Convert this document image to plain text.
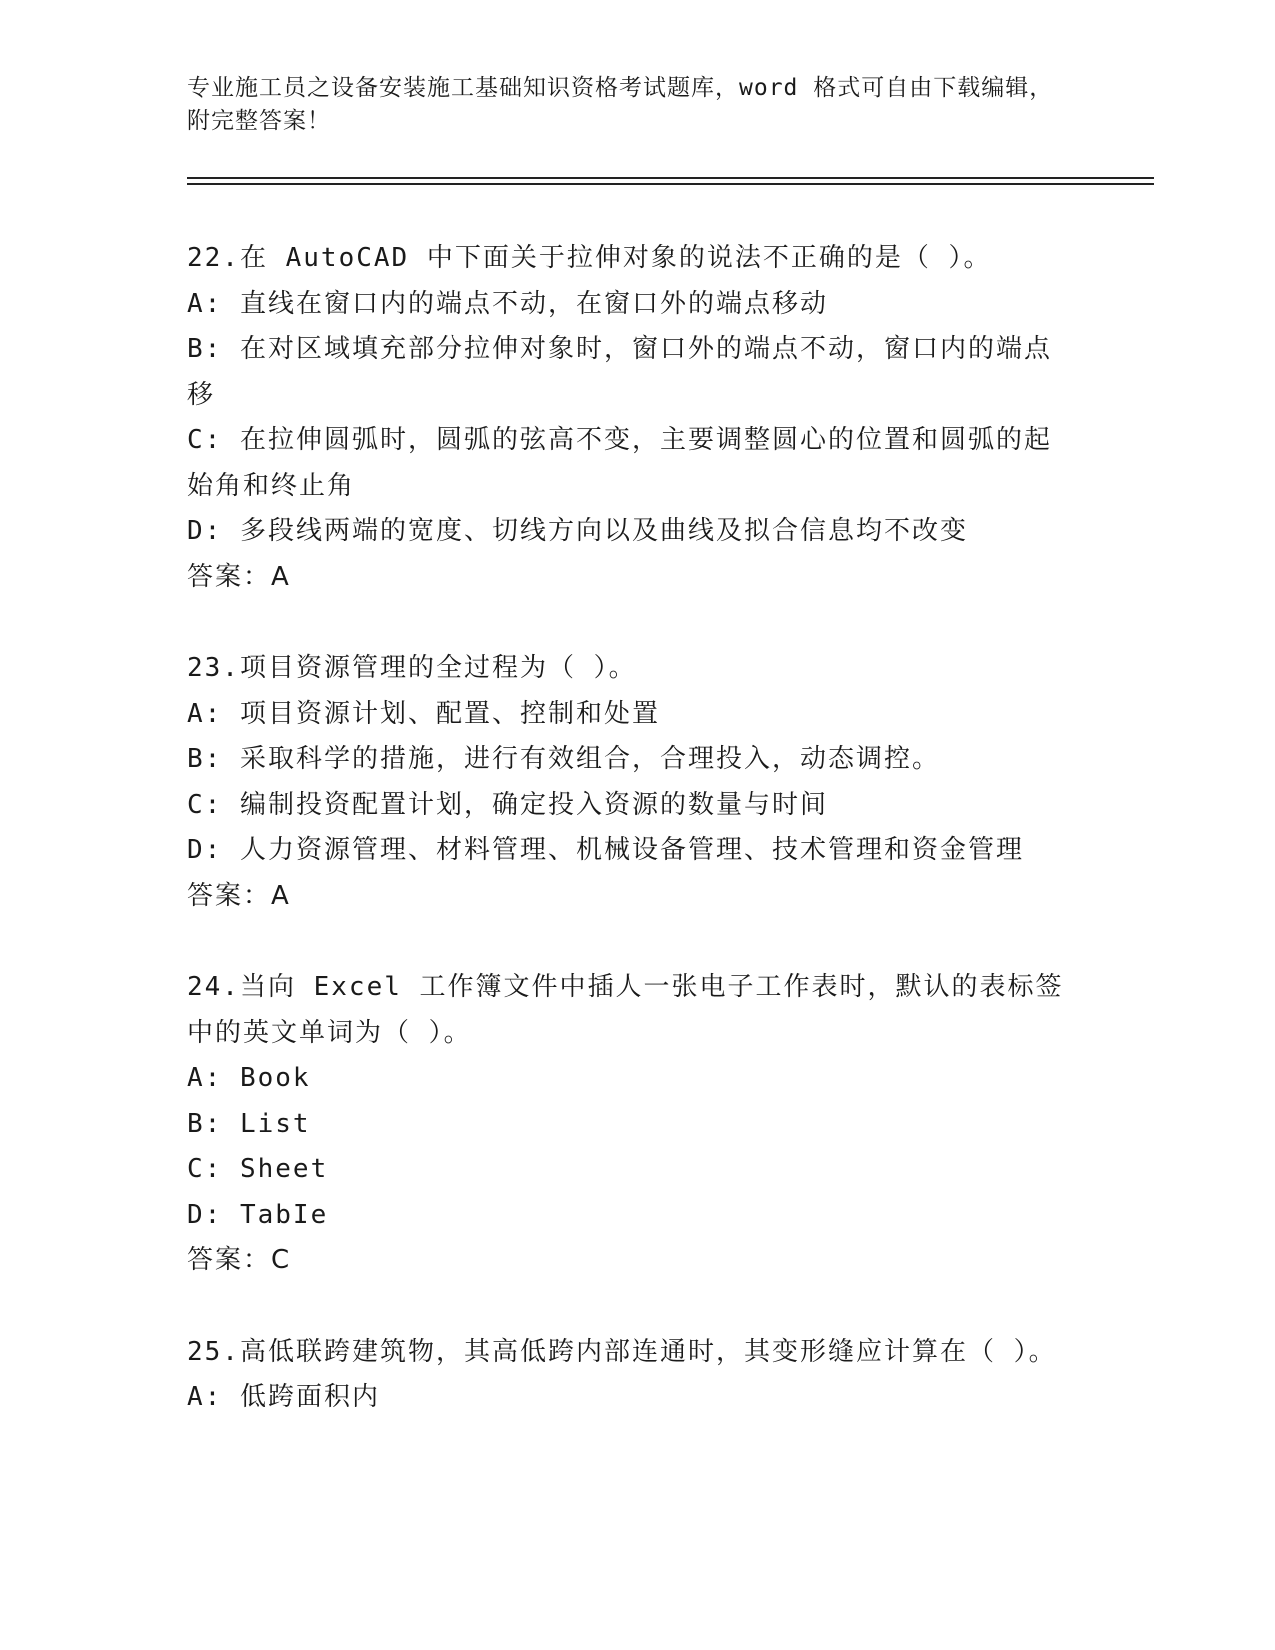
专业施工员之设备安装施工基础知识资格考试题库，word 格式可自由下载编辑，
附完整答案！
22.在 AutoCAD 中下面关于拉伸对象的说法不正确的是（ ）。
A: 直线在窗口内的端点不动，在窗口外的端点移动
B: 在对区域填充部分拉伸对象时，窗口外的端点不动，窗口内的端点移
C: 在拉伸圆弧时，圆弧的弦高不变，主要调整圆心的位置和圆弧的起始角和终止角
D: 多段线两端的宽度、切线方向以及曲线及拟合信息均不改变
答案：A
23.项目资源管理的全过程为（ ）。
A: 项目资源计划、配置、控制和处置
B: 采取科学的措施，进行有效组合，合理投入，动态调控。
C: 编制投资配置计划，确定投入资源的数量与时间
D: 人力资源管理、材料管理、机械设备管理、技术管理和资金管理
答案：A
24.当向 Excel 工作簿文件中插人一张电子工作表时，默认的表标签中的英文单词为（ ）。
A: Book
B: List
C: Sheet
D: TabIe
答案：C
25.高低联跨建筑物，其高低跨内部连通时，其变形缝应计算在（ ）。
A: 低跨面积内
